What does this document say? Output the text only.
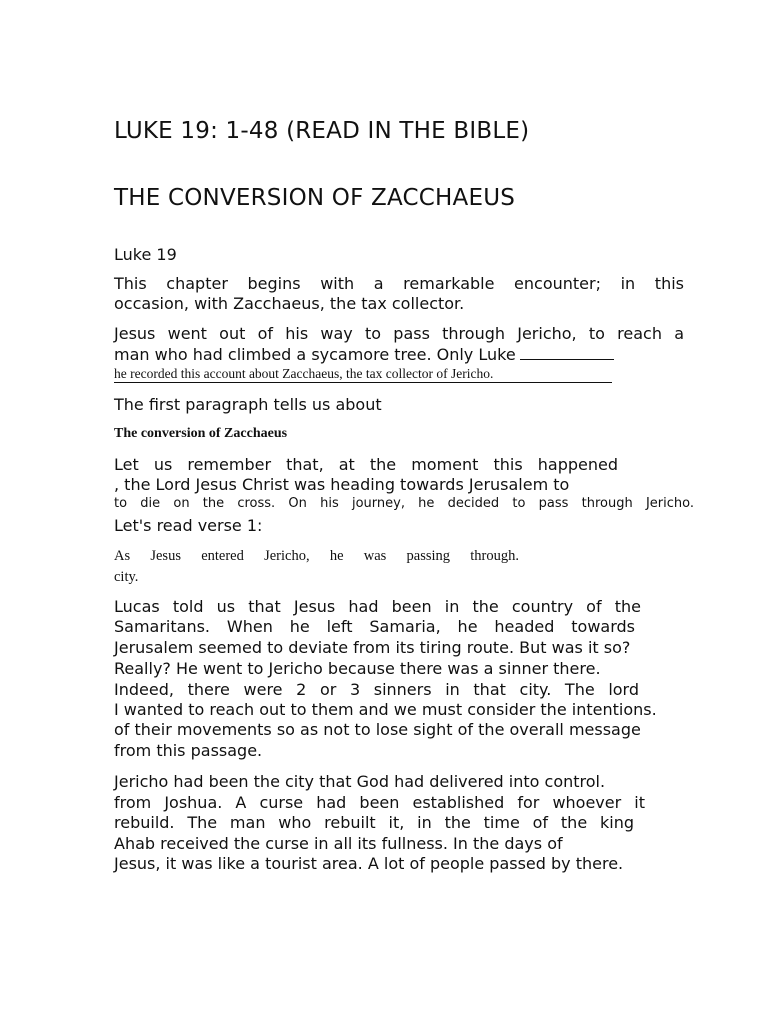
LUKE 19: 1-48 (READ IN THE BIBLE)
THE CONVERSION OF ZACCHAEUS
Luke 19
This chapter begins with a remarkable encounter; in this
occasion, with Zacchaeus, the tax collector.
Jesus went out of his way to pass through Jericho, to reach a
man who had climbed a sycamore tree. Only Luke
he recorded this account about Zacchaeus, the tax collector of Jericho.
The first paragraph tells us about
The conversion of Zacchaeus
Let us remember that, at the moment this happened
, the Lord Jesus Christ was heading towards Jerusalem to
to die on the cross. On his journey, he decided to pass through Jericho.
Let's read verse 1:
As Jesus entered Jericho, he was passing through.
city.
Lucas told us that Jesus had been in the country of the
Samaritans. When he left Samaria, he headed towards
Jerusalem seemed to deviate from its tiring route. But was it so?
Really? He went to Jericho because there was a sinner there.
Indeed, there were 2 or 3 sinners in that city. The lord
I wanted to reach out to them and we must consider the intentions.
of their movements so as not to lose sight of the overall message
from this passage.
Jericho had been the city that God had delivered into control.
from Joshua. A curse had been established for whoever it
rebuild. The man who rebuilt it, in the time of the king
Ahab received the curse in all its fullness. In the days of
Jesus, it was like a tourist area. A lot of people passed by there.
